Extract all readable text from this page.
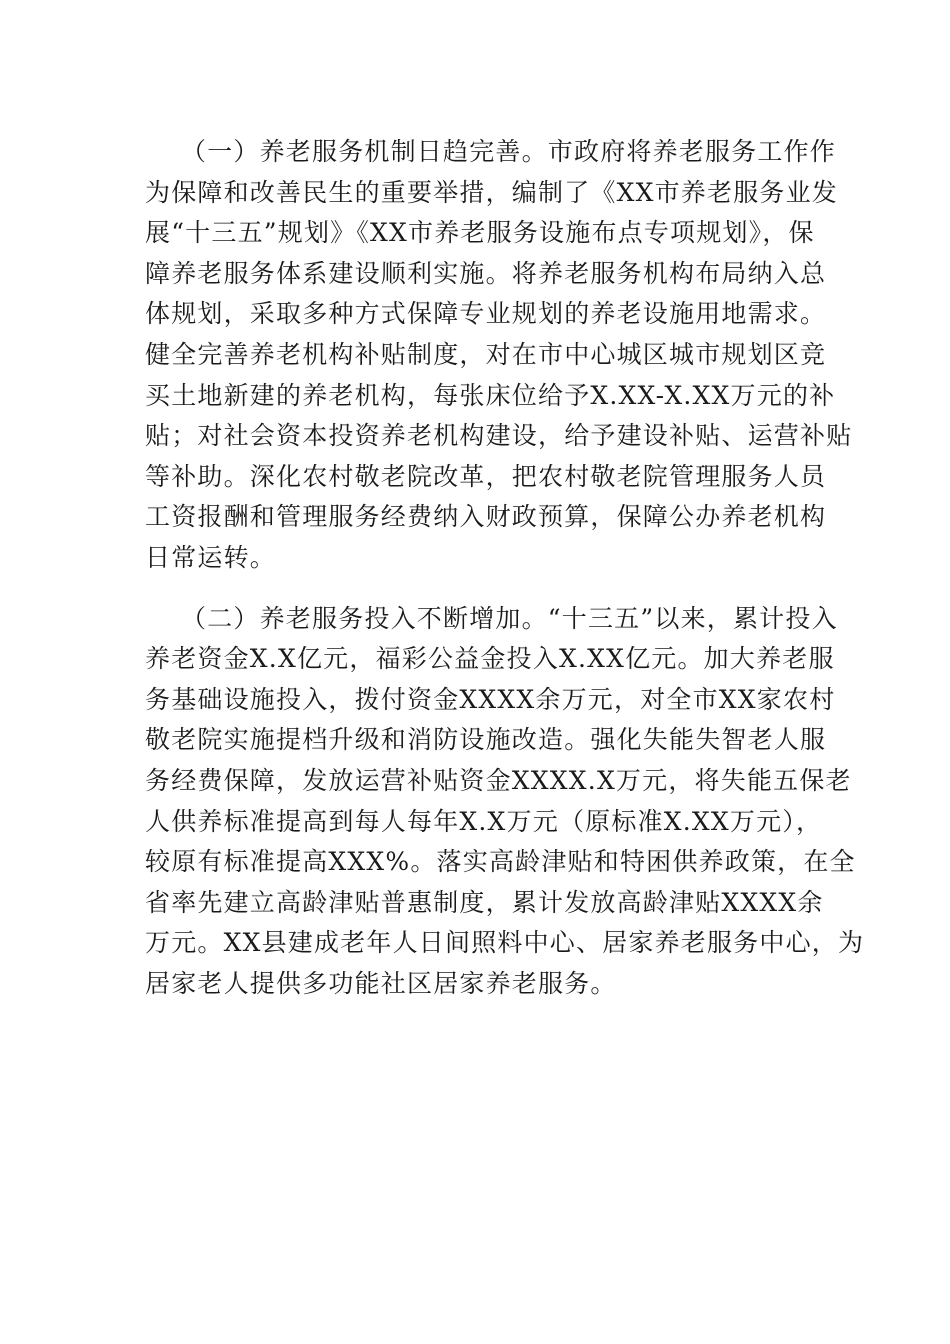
（一）养老服务机制日趋完善。市政府将养老服务工作作
为保障和改善民生的重要举措，编制了《XX市养老服务业发
展“十三五”规划》《XX市养老服务设施布点专项规划》，保
障养老服务体系建设顺利实施。将养老服务机构布局纳入总
体规划，采取多种方式保障专业规划的养老设施用地需求。
健全完善养老机构补贴制度，对在市中心城区城市规划区竞
买土地新建的养老机构，每张床位给予X.XX-X.XX万元的补
贴；对社会资本投资养老机构建设，给予建设补贴、运营补贴
等补助。深化农村敬老院改革，把农村敬老院管理服务人员
工资报酬和管理服务经费纳入财政预算，保障公办养老机构
日常运转。

（二）养老服务投入不断增加。“十三五”以来，累计投入
养老资金X.X亿元，福彩公益金投入X.XX亿元。加大养老服
务基础设施投入，拨付资金XXXX余万元，对全市XX家农村
敬老院实施提档升级和消防设施改造。强化失能失智老人服
务经费保障，发放运营补贴资金XXXX.X万元，将失能五保老
人供养标准提高到每人每年X.X万元（原标准X.XX万元），
较原有标准提高XXX%。落实高龄津贴和特困供养政策，在全
省率先建立高龄津贴普惠制度，累计发放高龄津贴XXXX余
万元。XX县建成老年人日间照料中心、居家养老服务中心，为
居家老人提供多功能社区居家养老服务。
